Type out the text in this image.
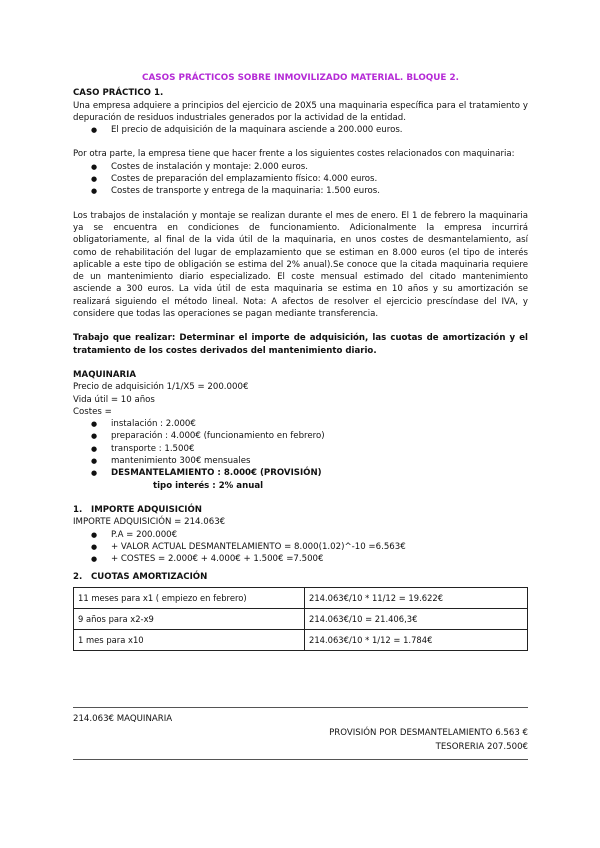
CASOS PRÁCTICOS SOBRE INMOVILIZADO MATERIAL. BLOQUE 2.
CASO PRÁCTICO 1.

Una empresa adquiere a principios del ejercicio de 20X5 una maquinaria específica para el tratamiento y depuración de residuos industriales generados por la actividad de la entidad.

● El precio de adquisición de la maquinara asciende a 200.000 euros.

Por otra parte, la empresa tiene que hacer frente a los siguientes costes relacionados con maquinaria:

● Costes de instalación y montaje: 2.000 euros.
● Costes de preparación del emplazamiento físico: 4.000 euros.
● Costes de transporte y entrega de la maquinaria: 1.500 euros.

Los trabajos de instalación y montaje se realizan durante el mes de enero. El 1 de febrero la maquinaria ya se encuentra en condiciones de funcionamiento. Adicionalmente la empresa incurrirá obligatoriamente, al final de la vida útil de la maquinaria, en unos costes de desmantelamiento, así como de rehabilitación del lugar de emplazamiento que se estiman en 8.000 euros (el tipo de interés aplicable a este tipo de obligación se estima del 2% anual).Se conoce que la citada maquinaria requiere de un mantenimiento diario especializado. El coste mensual estimado del citado mantenimiento asciende a 300 euros. La vida útil de esta maquinaria se estima en 10 años y su amortización se realizará siguiendo el método lineal. Nota: A afectos de resolver el ejercicio prescíndase del IVA, y considere que todas las operaciones se pagan mediante transferencia.

Trabajo que realizar: Determinar el importe de adquisición, las cuotas de amortización y el tratamiento de los costes derivados del mantenimiento diario.

MAQUINARIA
Precio de adquisición 1/1/X5 = 200.000€
Vida útil = 10 años
Costes =
● instalación : 2.000€
● preparación : 4.000€ (funcionamiento en febrero)
● transporte : 1.500€
● mantenimiento 300€ mensuales
● DESMANTELAMIENTO : 8.000€ (PROVISIÓN)
tipo interés : 2% anual
1. IMPORTE ADQUISICIÓN
IMPORTE ADQUISICIÓN = 214.063€
● P.A = 200.000€
● + VALOR ACTUAL DESMANTELAMIENTO = 8.000(1.02)^-10 =6.563€
● + COSTES = 2.000€ + 4.000€ + 1.500€ =7.500€
2. CUOTAS AMORTIZACIÓN
11 meses para x1 ( empiezo en febrero)	214.063€/10 * 11/12 = 19.622€
9 años para x2-x9	214.063€/10 = 21.406,3€
1 mes para x10	214.063€/10 * 1/12 = 1.784€
214.063€ MAQUINARIA
PROVISIÓN POR DESMANTELAMIENTO 6.563 €
TESORERIA 207.500€
